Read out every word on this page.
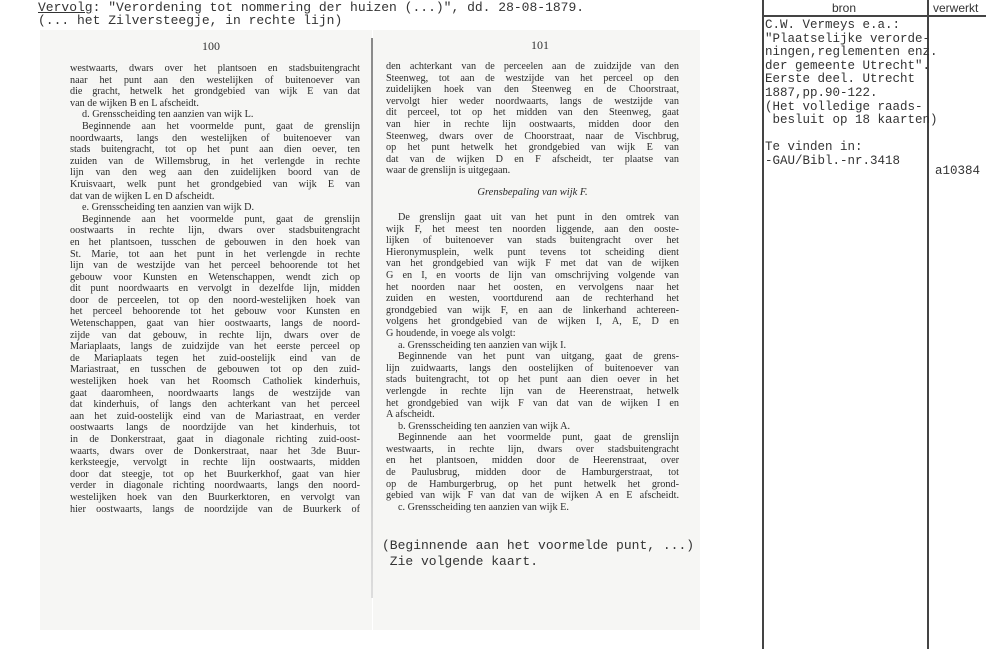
Vervolg: "Verordening tot nommering der huizen (...)", dd. 28-08-1879.
(... het Zilversteegje, in rechte lijn)
100	101
westwaarts, dwars over het plantsoen en stadsbuitengracht
naar het punt aan den westelijken of buitenoever van
die gracht, hetwelk het grondgebied van wijk E van dat
van de wijken B en L afscheidt.
d. Grensscheiding ten aanzien van wijk L.
Beginnende aan het voormelde punt, gaat de grenslijn
noordwaarts, langs den westelijken of buitenoever van
stads buitengracht, tot op het punt aan dien oever, ten
zuiden van de Willemsbrug, in het verlengde in rechte
lijn van den weg aan den zuidelijken boord van de
Kruisvaart, welk punt het grondgebied van wijk E van
dat van de wijken L en D afscheidt.
e. Grensscheiding ten aanzien van wijk D.
Beginnende aan het voormelde punt, gaat de grenslijn
oostwaarts in rechte lijn, dwars over stadsbuitengracht
en het plantsoen, tusschen de gebouwen in den hoek van
St. Marie, tot aan het punt in het verlengde in rechte
lijn van de westzijde van het perceel behoorende tot het
gebouw voor Kunsten en Wetenschappen, wendt zich op
dit punt noordwaarts en vervolgt in dezelfde lijn, midden
door de perceelen, tot op den noord-westelijken hoek van
het perceel behoorende tot het gebouw voor Kunsten en
Wetenschappen, gaat van hier oostwaarts, langs de noord-
zijde van dat gebouw, in rechte lijn, dwars over de
Mariaplaats, langs de zuidzijde van het eerste perceel op
de Mariaplaats tegen het zuid-oostelijk eind van de
Mariastraat, en tusschen de gebouwen tot op den zuid-
westelijken hoek van het Roomsch Catholiek kinderhuis,
gaat daaromheen, noordwaarts langs de westzijde van
dat kinderhuis, of langs den achterkant van het perceel
aan het zuid-oostelijk eind van de Mariastraat, en verder
oostwaarts langs de noordzijde van het kinderhuis, tot
in de Donkerstraat, gaat in diagonale richting zuid-oost-
waarts, dwars over de Donkerstraat, naar het 3de Buur-
kerksteegje, vervolgt in rechte lijn oostwaarts, midden
door dat steegje, tot op het Buurkerkhof, gaat van hier
verder in diagonale richting noordwaarts, langs den noord-
westelijken hoek van den Buurkerktoren, en vervolgt van
hier oostwaarts, langs de noordzijde van de Buurkerk of
den achterkant van de perceelen aan de zuidzijde van den
Steenweg, tot aan de westzijde van het perceel op den
zuidelijken hoek van den Steenweg en de Choorstraat,
vervolgt hier weder noordwaarts, langs de westzijde van
dit perceel, tot op het midden van den Steenweg, gaat
van hier in rechte lijn oostwaarts, midden door den
Steenweg, dwars over de Choorstraat, naar de Vischbrug,
op het punt hetwelk het grondgebied van wijk E van
dat van de wijken D en F afscheidt, ter plaatse van
waar de grenslijn is uitgegaan.
Grensbepaling van wijk F.
De grenslijn gaat uit van het punt in den omtrek van
wijk F, het meest ten noorden liggende, aan den ooste-
lijken of buitenoever van stads buitengracht over het
Hieronymusplein, welk punt tevens tot scheiding dient
van het grondgebied van wijk F met dat van de wijken
G en I, en voorts de lijn van omschrijving volgende van
het noorden naar het oosten, en vervolgens naar het
zuiden en westen, voortdurend aan de rechterhand het
grondgebied van wijk F, en aan de linkerhand achtereen-
volgens het grondgebied van de wijken I, A, E, D en
G houdende, in voege als volgt:
a. Grensscheiding ten aanzien van wijk I.
Beginnende van het punt van uitgang, gaat de grens-
lijn zuidwaarts, langs den oostelijken of buitenoever van
stads buitengracht, tot op het punt aan dien oever in het
verlengde in rechte lijn van de Heerenstraat, hetwelk
het grondgebied van wijk F van dat van de wijken I en
A afscheidt.
b. Grensscheiding ten aanzien van wijk A.
Beginnende aan het voormelde punt, gaat de grenslijn
westwaarts, in rechte lijn, dwars over stadsbuitengracht
en het plantsoen, midden door de Heerenstraat, over
de Paulusbrug, midden door de Hamburgerstraat, tot
op de Hamburgerbrug, op het punt hetwelk het grond-
gebied van wijk F van dat van de wijken A en E afscheidt.
c. Grensscheiding ten aanzien van wijk E.
(Beginnende aan het voormelde punt, ...)
Zie volgende kaart.
bron	verwerkt
C.W. Vermeys e.a.:
"Plaatselijke verorde-
ningen,reglementen enz.
der gemeente Utrecht".
Eerste deel. Utrecht
1887,pp.90-122.
(Het volledige raads-
besluit op 18 kaarten)

Te vinden in:
-GAU/Bibl.-nr.3418
a10384
